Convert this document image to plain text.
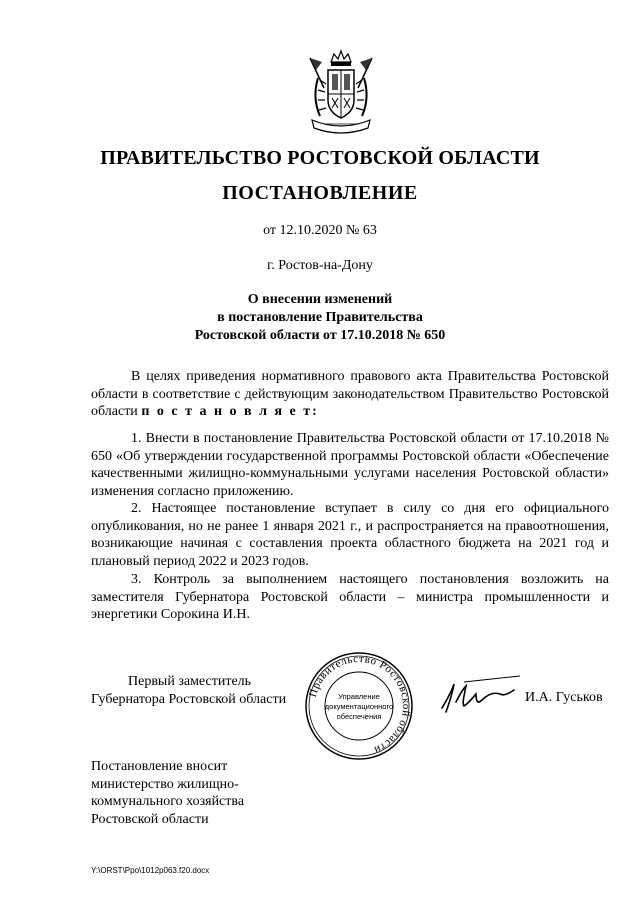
ПРАВИТЕЛЬСТВО РОСТОВСКОЙ ОБЛАСТИ
ПОСТАНОВЛЕНИЕ
от 12.10.2020 № 63
г. Ростов-на-Дону
О внесении изменений
в постановление Правительства
Ростовской области от 17.10.2018 № 650
В целях приведения нормативного правового акта Правительства Ростовской области в соответствие с действующим законодательством Правительство Ростовской области п о с т а н о в л я е т:
1. Внести в постановление Правительства Ростовской области от 17.10.2018 № 650 «Об утверждении государственной программы Ростовской области «Обеспечение качественными жилищно-коммунальными услугами населения Ростовской области» изменения согласно приложению.
2. Настоящее постановление вступает в силу со дня его официального опубликования, но не ранее 1 января 2021 г., и распространяется на правоотношения, возникающие начиная с составления проекта областного бюджета на 2021 год и плановый период 2022 и 2023 годов.
3. Контроль за выполнением настоящего постановления возложить на заместителя Губернатора Ростовской области – министра промышленности и энергетики Сорокина И.Н.
Первый заместитель
Губернатора Ростовской области Правительство Ростовской области
Управление
документационного
обеспечения
И.А. Гуськов
Постановление вносит
министерство жилищно-
коммунального хозяйства
Ростовской области
Y:\ORST\Ppo\1012p063.f20.docx
